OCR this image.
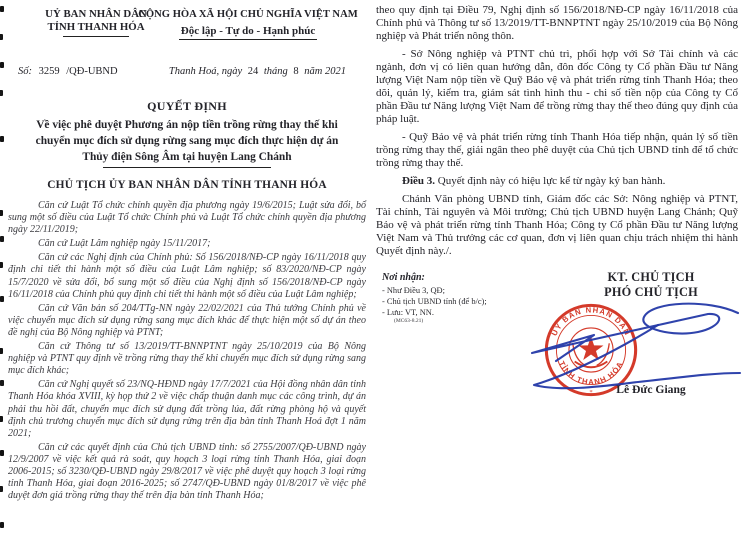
UỶ BAN NHÂN DÂN
TỈNH THANH HÓA
CỘNG HÒA XÃ HỘI CHỦ NGHĨA VIỆT NAM
Độc lập - Tự do - Hạnh phúc
Số: 3259 /QĐ-UBND	Thanh Hoá, ngày 24 tháng 8 năm 2021
QUYẾT ĐỊNH
Về việc phê duyệt Phương án nộp tiền trồng rừng thay thế khi
chuyển mục đích sử dụng rừng sang mục đích thực hiện dự án
Thủy điện Sông Âm tại huyện Lang Chánh
CHỦ TỊCH ỦY BAN NHÂN DÂN TỈNH THANH HÓA

Căn cứ Luật Tổ chức chính quyền địa phương ngày 19/6/2015; Luật sửa đổi, bổ sung một số điều của Luật Tổ chức Chính phủ và Luật Tổ chức chính quyền địa phương ngày 22/11/2019;

Căn cứ Luật Lâm nghiệp ngày 15/11/2017;

Căn cứ các Nghị định của Chính phủ: Số 156/2018/NĐ-CP ngày 16/11/2018 quy định chi tiết thi hành một số điều của Luật Lâm nghiệp; số 83/2020/NĐ-CP ngày 15/7/2020 về sửa đổi, bổ sung một số điều của Nghị định số 156/2018/NĐ-CP ngày 16/11/2018 của Chính phủ quy định chi tiết thi hành một số điều của Luật Lâm nghiệp;

Căn cứ Văn bản số 204/TTg-NN ngày 22/02/2021 của Thủ tướng Chính phủ về việc chuyển mục đích sử dụng rừng sang mục đích khác để thực hiện một số dự án theo đề nghị của Bộ Nông nghiệp và PTNT;

Căn cứ Thông tư số 13/2019/TT-BNNPTNT ngày 25/10/2019 của Bộ Nông nghiệp và PTNT quy định về trồng rừng thay thế khi chuyển mục đích sử dụng rừng sang mục đích khác;

Căn cứ Nghị quyết số 23/NQ-HĐND ngày 17/7/2021 của Hội đồng nhân dân tỉnh Thanh Hóa khóa XVIII, kỳ họp thứ 2 về việc chấp thuận danh mục các công trình, dự án phải thu hồi đất, chuyển mục đích sử dụng đất trồng lúa, đất rừng phòng hộ và quyết định chủ trương chuyển mục đích sử dụng rừng trên địa bàn tỉnh Thanh Hoá đợt 1 năm 2021;

Căn cứ các quyết định của Chủ tịch UBND tỉnh: số 2755/2007/QĐ-UBND ngày 12/9/2007 về việc kết quả rà soát, quy hoạch 3 loại rừng tỉnh Thanh Hóa, giai đoạn 2006-2015; số 3230/QĐ-UBND ngày 29/8/2017 về việc phê duyệt quy hoạch 3 loại rừng tỉnh Thanh Hóa, giai đoạn 2016-2025; số 2747/QĐ-UBND ngày 01/8/2017 về việc phê duyệt đơn giá trồng rừng thay thế trên địa bàn tỉnh Thanh Hóa;

theo quy định tại Điều 79, Nghị định số 156/2018/NĐ-CP ngày 16/11/2018 của Chính phủ và Thông tư số 13/2019/TT-BNNPTNT ngày 25/10/2019 của Bộ Nông nghiệp và Phát triển nông thôn.

- Sở Nông nghiệp và PTNT chủ trì, phối hợp với Sở Tài chính và các ngành, đơn vị có liên quan hướng dẫn, đôn đốc Công ty Cổ phần Đầu tư Năng lượng Việt Nam nộp tiền về Quỹ Bảo vệ và phát triển rừng tỉnh Thanh Hóa; theo dõi, quản lý, kiểm tra, giám sát tình hình thu - chi số tiền nộp của Công ty Cổ phần Đầu tư Năng lượng Việt Nam để trồng rừng thay thế theo đúng quy định của pháp luật.

- Quỹ Bảo vệ và phát triển rừng tỉnh Thanh Hóa tiếp nhận, quản lý số tiền trồng rừng thay thế, giải ngân theo phê duyệt của Chủ tịch UBND tỉnh để tổ chức trồng rừng thay thế.

Điều 3. Quyết định này có hiệu lực kể từ ngày ký ban hành.

Chánh Văn phòng UBND tỉnh, Giám đốc các Sở: Nông nghiệp và PTNT, Tài chính, Tài nguyên và Môi trường; Chủ tịch UBND huyện Lang Chánh; Quỹ Bảo vệ và phát triển rừng tỉnh Thanh Hóa; Công ty Cổ phần Đầu tư Năng lượng Việt Nam và Thủ trưởng các cơ quan, đơn vị liên quan chịu trách nhiệm thi hành Quyết định này./.

Nơi nhận:
- Như Điều 3, QĐ;
- Chủ tịch UBND tỉnh (để b/c);
- Lưu: VT, NN.
(MC63-8.21)
KT. CHỦ TỊCH
PHÓ CHỦ TỊCH
ỦY BAN NHÂN DÂN
TỈNH THANH HÓA
*	Lê Đức Giang
